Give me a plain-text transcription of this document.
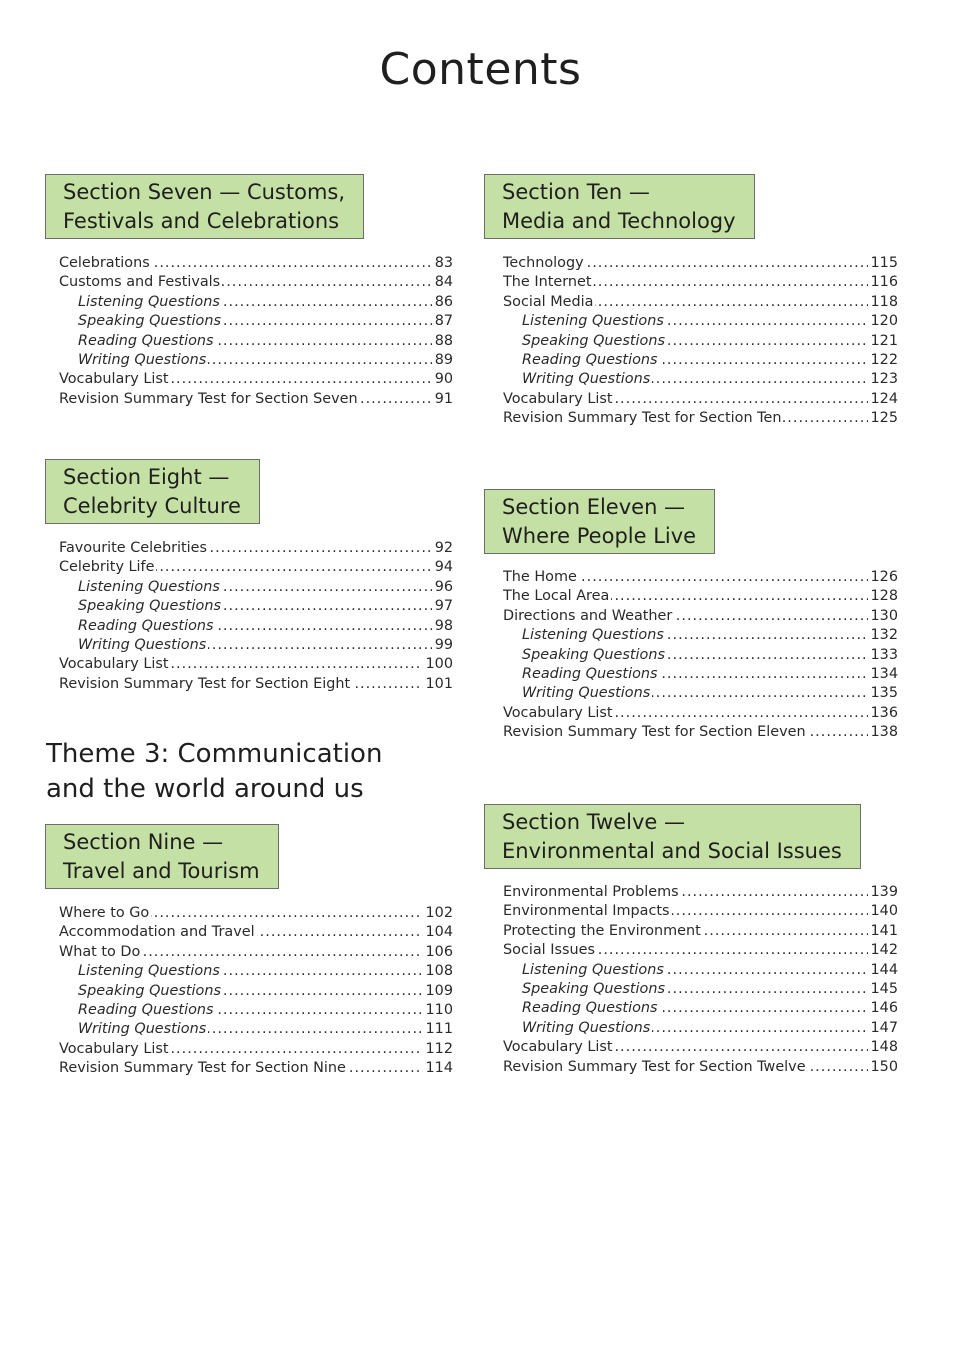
Contents
Section Seven — Customs,
Festivals and Celebrations
..... Celebrations	83
..... Customs and Festivals	84
..... Listening Questions	86
..... Speaking Questions	87
..... Reading Questions	88
..... Writing Questions	89
..... Vocabulary List	90
..... Revision Summary Test for Section Seven	91
Section Eight —
Celebrity Culture
..... Favourite Celebrities	92
..... Celebrity Life	94
..... Listening Questions	96
..... Speaking Questions	97
..... Reading Questions	98
..... Writing Questions	99
..... Vocabulary List	100
..... Revision Summary Test for Section Eight	101
Theme 3: Communication
and the world around us
Section Nine —
Travel and Tourism
..... Where to Go	102
..... Accommodation and Travel	104
..... What to Do	106
..... Listening Questions	108
..... Speaking Questions	109
..... Reading Questions	110
..... Writing Questions	111
..... Vocabulary List	112
..... Revision Summary Test for Section Nine	114
Section Ten —
Media and Technology
..... Technology	115
..... The Internet	116
..... Social Media	118
..... Listening Questions	120
..... Speaking Questions	121
..... Reading Questions	122
..... Writing Questions	123
..... Vocabulary List	124
..... Revision Summary Test for Section Ten	125
Section Eleven —
Where People Live
..... The Home	126
..... The Local Area	128
..... Directions and Weather	130
..... Listening Questions	132
..... Speaking Questions	133
..... Reading Questions	134
..... Writing Questions	135
..... Vocabulary List	136
..... Revision Summary Test for Section Eleven	138
Section Twelve —
Environmental and Social Issues
..... Environmental Problems	139
..... Environmental Impacts	140
..... Protecting the Environment	141
..... Social Issues	142
..... Listening Questions	144
..... Speaking Questions	145
..... Reading Questions	146
..... Writing Questions	147
..... Vocabulary List	148
..... Revision Summary Test for Section Twelve	150
